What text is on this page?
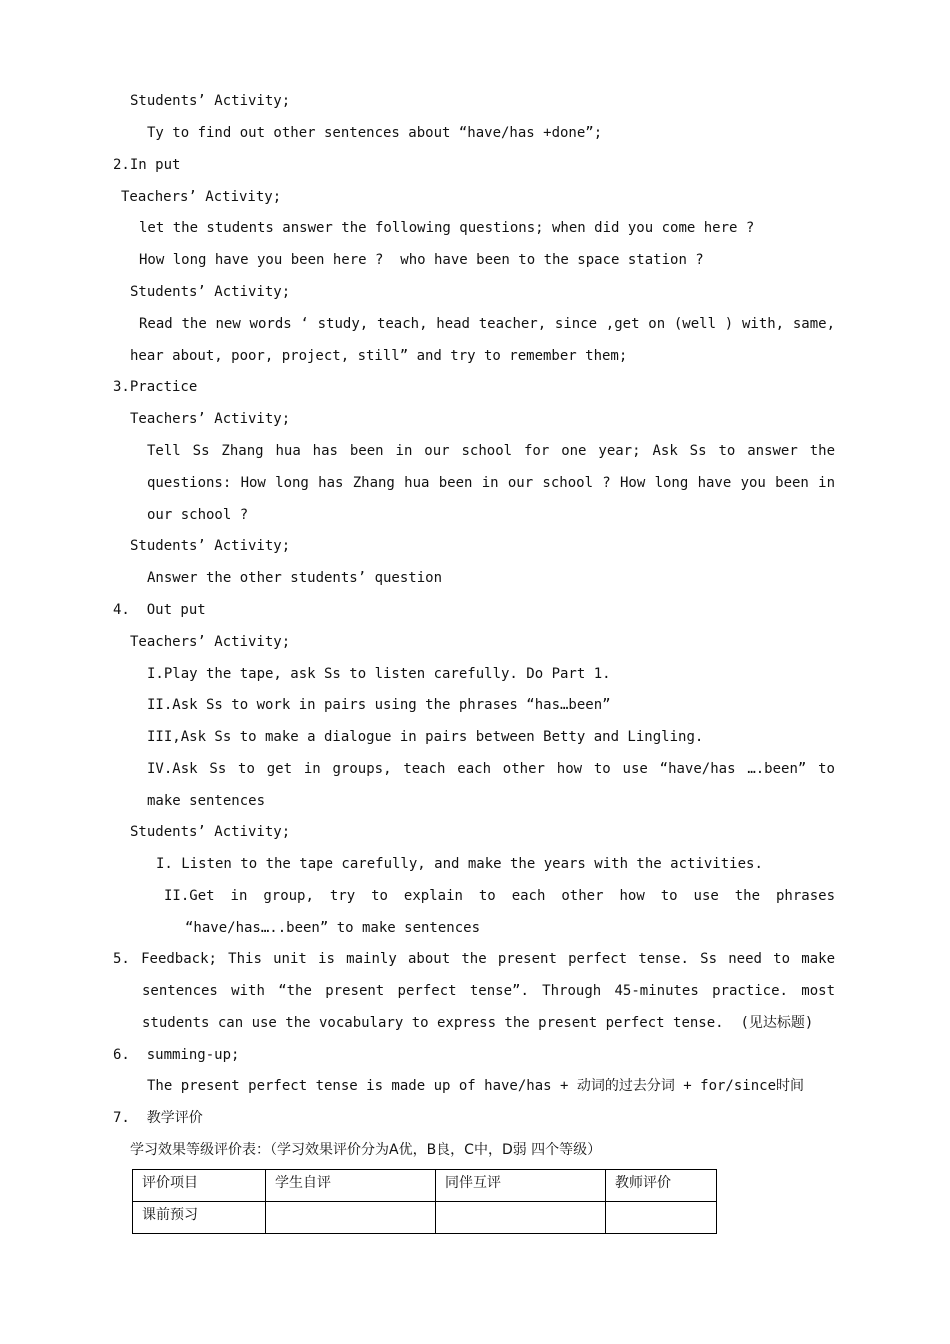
Students’ Activity;
Ty to find out other sentences about “have/has +done”;
2.In put
Teachers’ Activity;
let the students answer the following questions; when did you come here ?
How long have you been here ?  who have been to the space station ?
Students’ Activity;
Read the new words ‘ study, teach, head teacher, since ,get on (well ) with, same,
hear about, poor, project, still” and try to remember them;
3.Practice
Teachers’ Activity;
Tell Ss Zhang hua has been in our school for one year; Ask Ss to answer the
questions: How long has Zhang hua been in our school ? How long have you been in
our school ?
Students’ Activity;
Answer the other students’ question
4.  Out put
Teachers’ Activity;
I.Play the tape, ask Ss to listen carefully. Do Part 1.
II.Ask Ss to work in pairs using the phrases “has…been”
III,Ask Ss to make a dialogue in pairs between Betty and Lingling.
IV.Ask Ss to get in groups, teach each other how to use “have/has ….been” to
make sentences
Students’ Activity;
I. Listen to the tape carefully, and make the years with the activities.
II.Get in group, try to explain to each other how to use the phrases
“have/has…..been” to make sentences
5. Feedback; This unit is mainly about the present perfect tense. Ss need to make
sentences with “the present perfect tense”. Through 45-minutes practice. most
students can use the vocabulary to express the present perfect tense.  (见达标题)
6.  summing-up;
The present perfect tense is made up of have/has + 动词的过去分词 + for/since时间
7.  教学评价
学习效果等级评价表：（学习效果评价分为A优，B良，C中，D弱 四个等级）
评价项目	学生自评	同伴互评	教师评价
课前预习			
